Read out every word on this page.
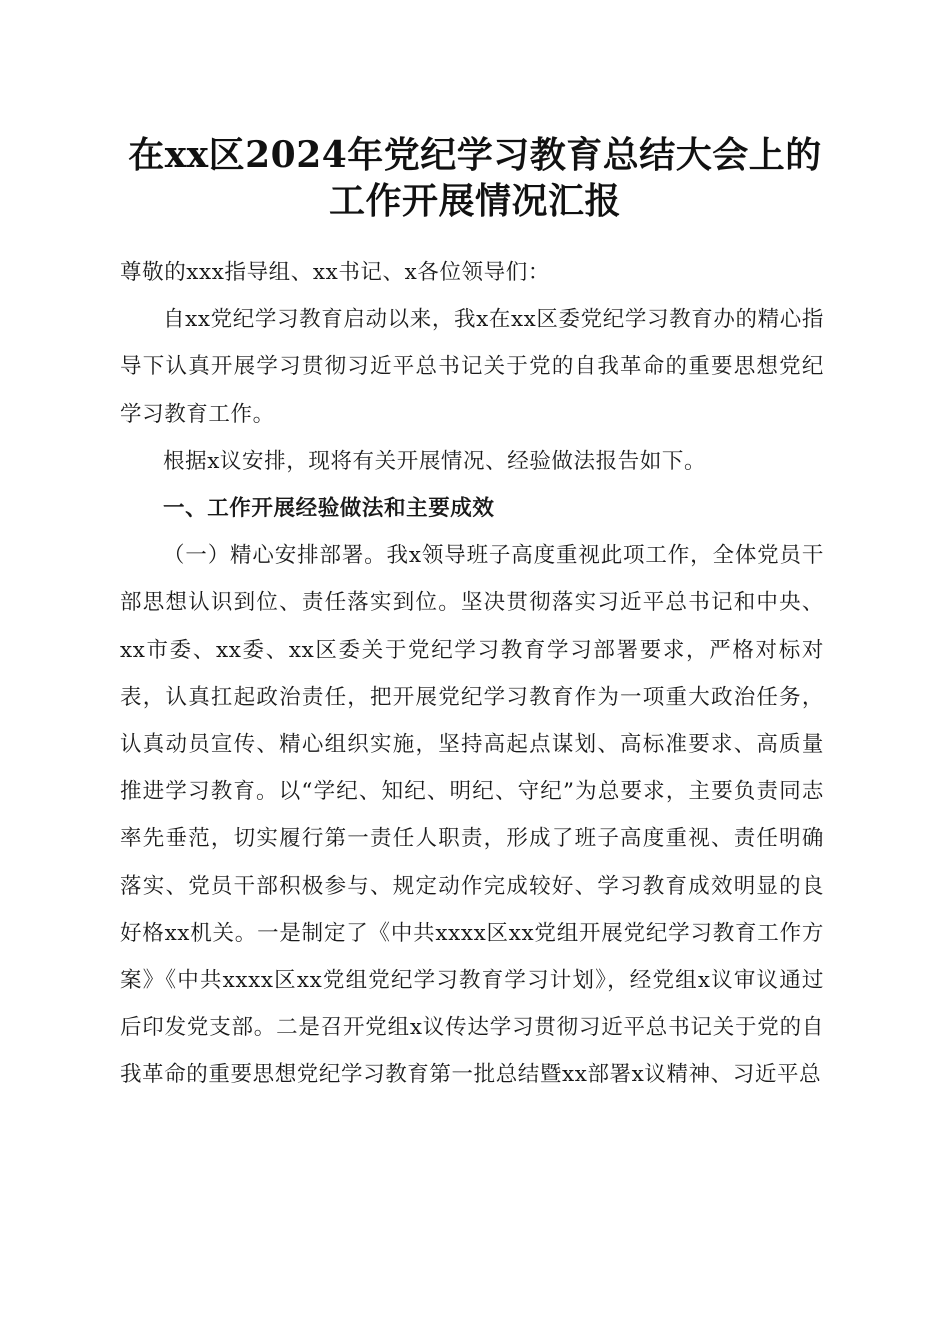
在xx区2024年党纪学习教育总结大会上的工作开展情况汇报

尊敬的xxx指导组、xx书记、x各位领导们：

自xx党纪学习教育启动以来，我x在xx区委党纪学习教育办的精心指导下认真开展学习贯彻习近平总书记关于党的自我革命的重要思想党纪学习教育工作。

根据x议安排，现将有关开展情况、经验做法报告如下。

一、工作开展经验做法和主要成效

（一）精心安排部署。我x领导班子高度重视此项工作，全体党员干部思想认识到位、责任落实到位。坚决贯彻落实习近平总书记和中央、xx市委、xx委、xx区委关于党纪学习教育学习部署要求，严格对标对表，认真扛起政治责任，把开展党纪学习教育作为一项重大政治任务，认真动员宣传、精心组织实施，坚持高起点谋划、高标准要求、高质量推进学习教育。以“学纪、知纪、明纪、守纪”为总要求，主要负责同志率先垂范，切实履行第一责任人职责，形成了班子高度重视、责任明确落实、党员干部积极参与、规定动作完成较好、学习教育成效明显的良好格xx机关。一是制定了《中共xxxx区xx党组开展党纪学习教育工作方案》《中共xxxx区xx党组党纪学习教育学习计划》，经党组x议审议通过后印发党支部。二是召开党组x议传达学习贯彻习近平总书记关于党的自我革命的重要思想党纪学习教育第一批总结暨xx部署x议精神、习近平总
